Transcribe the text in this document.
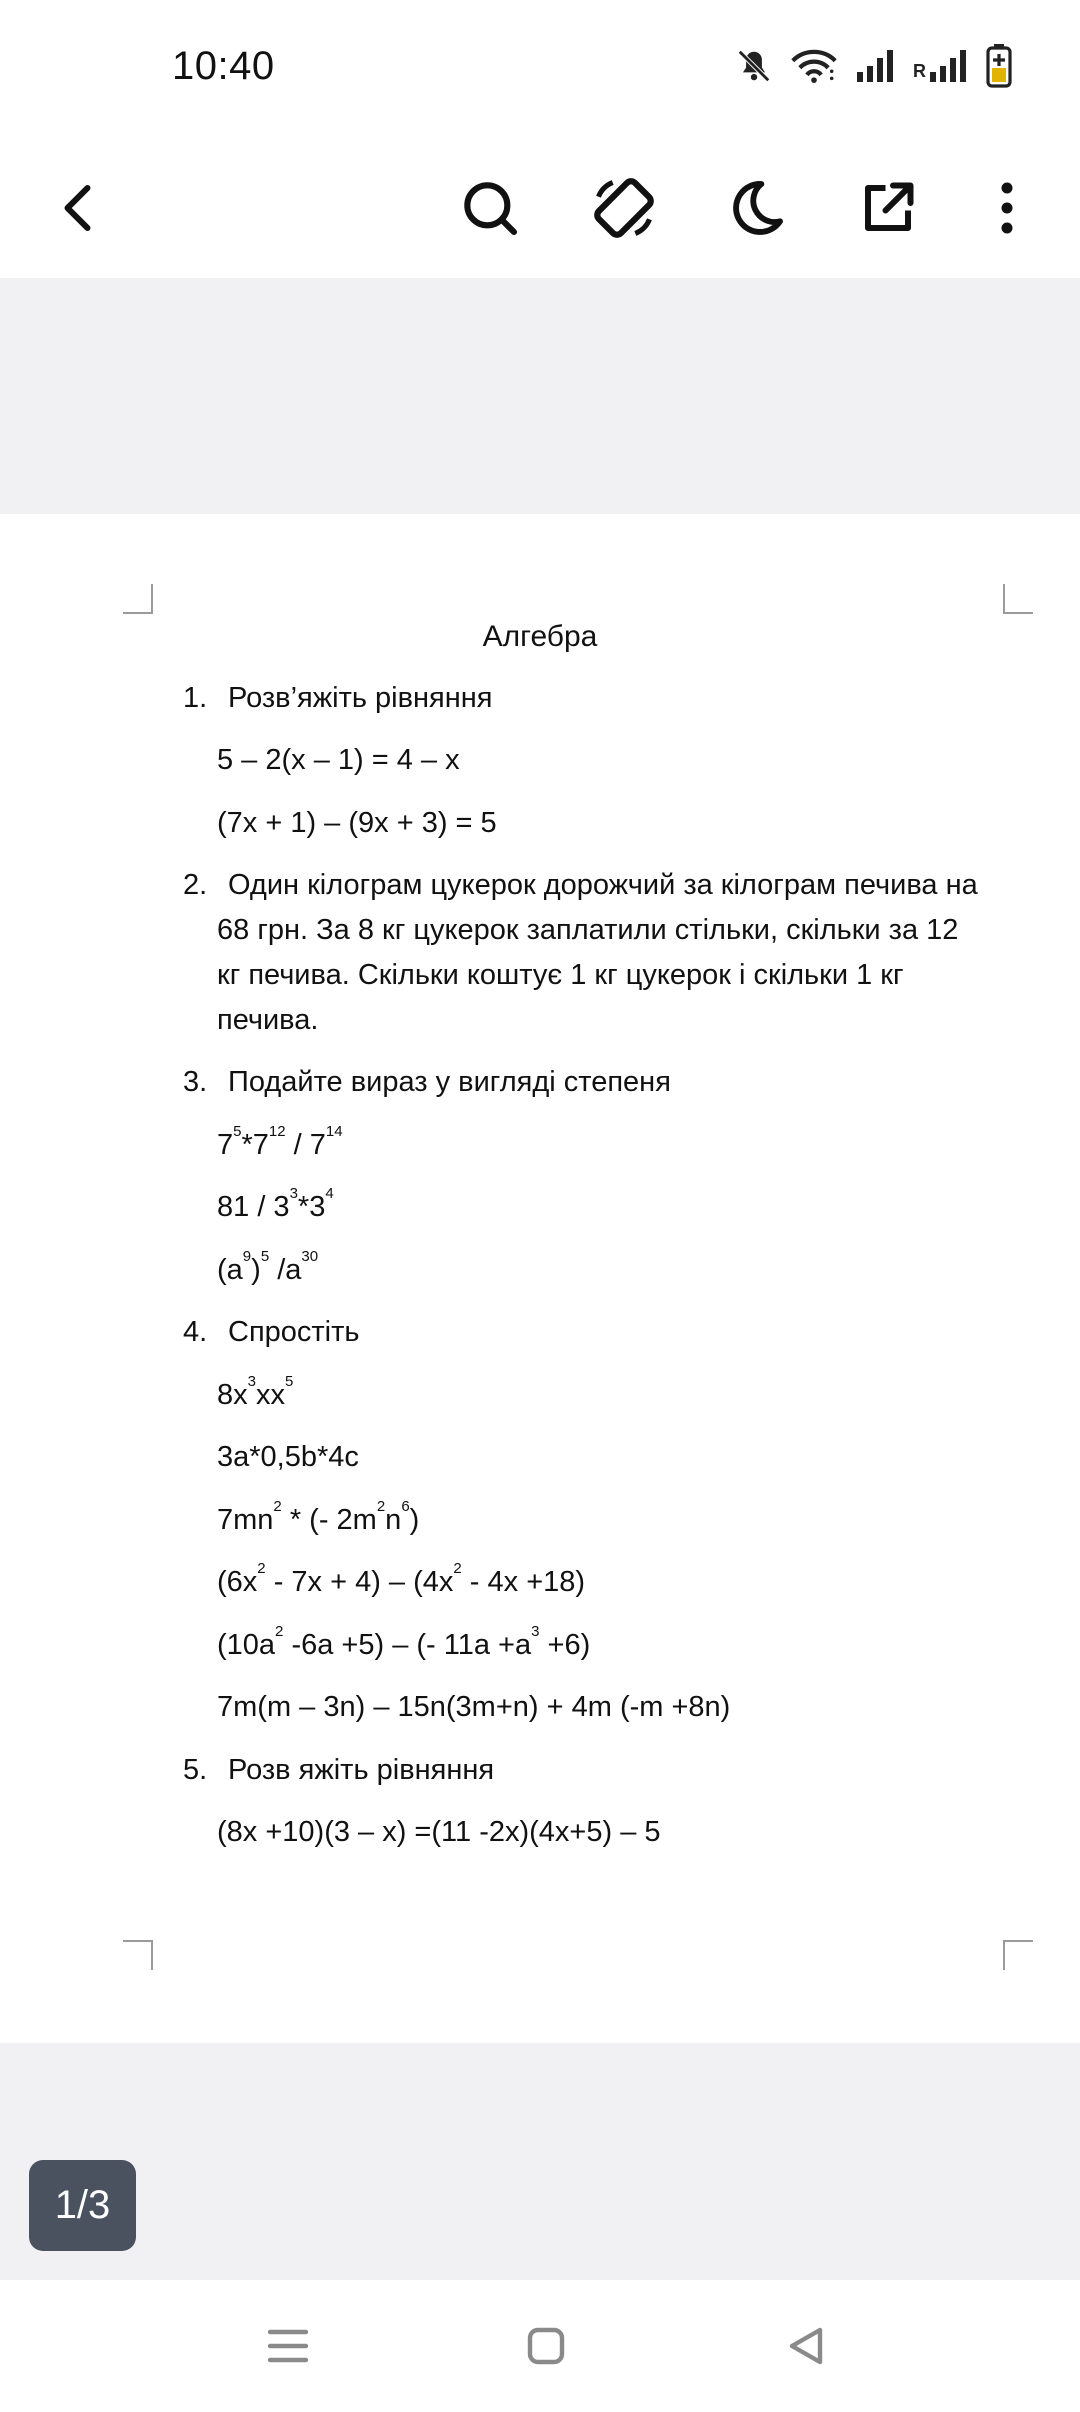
10:40	R
Алгебра
1. Розв’яжіть рівняння
5 – 2(x – 1) = 4 – x
(7x + 1) – (9x + 3) = 5
2. Один кілограм цукерок дорожчий за кілограм печива на
68 грн. За 8 кг цукерок заплатили стільки, скільки за 12
кг печива. Скільки коштує 1 кг цукерок і скільки 1 кг
печива.
3. Подайте вираз у вигляді степеня
$7^5*7^{12} / 7^{14}$
$81 / 3^3*3^4$
$(a^9)^5$ $/a^{30}$
4. Спростіть
$8x^3xx^5$
3a*0,5b*4c
$7mn^2$ * (- $2m^2n^6$)
$(6x^2 - 7x + 4) - (4x^2 - 4x +18)$
($10a^2$ -6a +5) – (- $11a +a^3 +6$)
7m(m – 3n) – 15n(3m+n) + 4m (-m +8n)
5. Розв яжіть рівняння
(8x +10)(3 – x) =(11 -2x)(4x+5) – 5
1/3
